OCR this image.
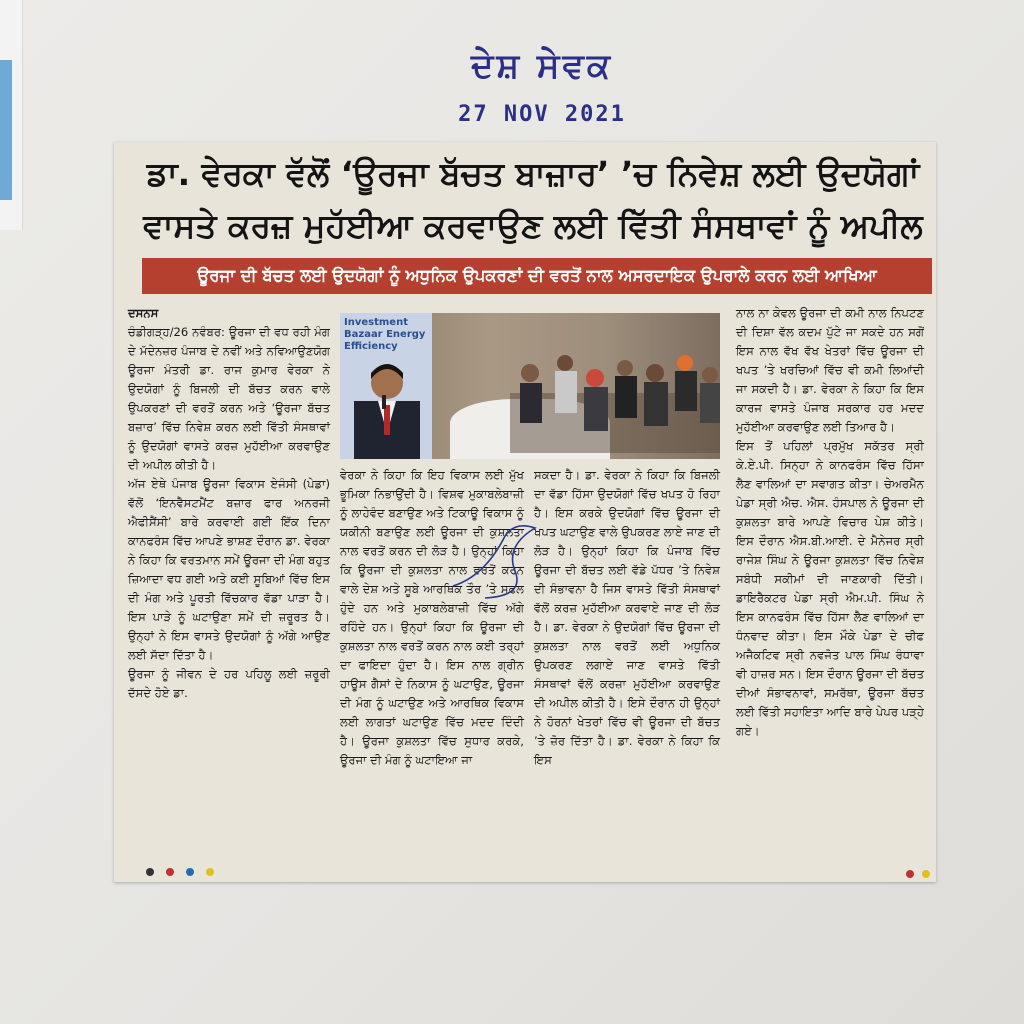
ਦੇਸ਼ ਸੇਵਕ
27 NOV 2021
ਡਾ. ਵੇਰਕਾ ਵੱਲੋਂ ‘ਊਰਜਾ ਬੱਚਤ ਬਾਜ਼ਾਰ’ ’ਚ ਨਿਵੇਸ਼ ਲਈ ਉਦਯੋਗਾਂ
ਵਾਸਤੇ ਕਰਜ਼ ਮੁਹੱਈਆ ਕਰਵਾਉਣ ਲਈ ਵਿੱਤੀ ਸੰਸਥਾਵਾਂ ਨੂੰ ਅਪੀਲ
ਊਰਜਾ ਦੀ ਬੱਚਤ ਲਈ ਉਦਯੋਗਾਂ ਨੂੰ ਅਧੁਨਿਕ ਉਪਕਰਣਾਂ ਦੀ ਵਰਤੋਂ ਨਾਲ ਅਸਰਦਾਇਕ ਉਪਰਾਲੇ ਕਰਨ ਲਈ ਆਖਿਆ

ਦਸਨਸ

ਚੰਡੀਗੜ੍ਹ/26 ਨਵੰਬਰ: ਊਰਜਾ ਦੀ ਵਧ ਰਹੀ ਮੰਗ ਦੇ ਮੱਦੇਨਜ਼ਰ ਪੰਜਾਬ ਦੇ ਨਵੀਂ ਅਤੇ ਨਵਿਆਉਣਯੋਗ ਊਰਜਾ ਮੰਤਰੀ ਡਾ. ਰਾਜ ਕੁਮਾਰ ਵੇਰਕਾ ਨੇ ਉਦਯੋਗਾਂ ਨੂੰ ਬਿਜਲੀ ਦੀ ਬੱਚਤ ਕਰਨ ਵਾਲੇ ਉਪਕਰਣਾਂ ਦੀ ਵਰਤੋਂ ਕਰਨ ਅਤੇ ‘ਊਰਜਾ ਬੱਚਤ ਬਜ਼ਾਰ’ ਵਿੱਚ ਨਿਵੇਸ਼ ਕਰਨ ਲਈ ਵਿੱਤੀ ਸੰਸਥਾਵਾਂ ਨੂੰ ਉਦਯੋਗਾਂ ਵਾਸਤੇ ਕਰਜ਼ ਮੁਹੱਈਆ ਕਰਵਾਉਣ ਦੀ ਅਪੀਲ ਕੀਤੀ ਹੈ।

ਅੱਜ ਏਥੇ ਪੰਜਾਬ ਊਰਜਾ ਵਿਕਾਸ ਏਜੰਸੀ (ਪੇਡਾ) ਵੱਲੋਂ ‘ਇਨਵੈਸਟਮੈਂਟ ਬਜ਼ਾਰ ਫਾਰ ਅਨਰਜੀ ਐਫੀਸੈਂਸੀ’ ਬਾਰੇ ਕਰਵਾਈ ਗਈ ਇੱਕ ਦਿਨਾ ਕਾਨਫਰੰਸ ਵਿੱਚ ਆਪਣੇ ਭਾਸ਼ਣ ਦੌਰਾਨ ਡਾ. ਵੇਰਕਾ ਨੇ ਕਿਹਾ ਕਿ ਵਰਤਮਾਨ ਸਮੇਂ ਊਰਜਾ ਦੀ ਮੰਗ ਬਹੁਤ ਜ਼ਿਆਦਾ ਵਧ ਗਈ ਅਤੇ ਕਈ ਸੂਬਿਆਂ ਵਿੱਚ ਇਸ ਦੀ ਮੰਗ ਅਤੇ ਪੂਰਤੀ ਵਿੱਚਕਾਰ ਵੱਡਾ ਪਾੜਾ ਹੈ। ਇਸ ਪਾੜੇ ਨੂੰ ਘਟਾਉਣਾ ਸਮੇਂ ਦੀ ਜ਼ਰੂਰਤ ਹੈ। ਉਨ੍ਹਾਂ ਨੇ ਇਸ ਵਾਸਤੇ ਉਦਯੋਗਾਂ ਨੂੰ ਅੱਗੇ ਆਉਣ ਲਈ ਸੱਦਾ ਦਿੱਤਾ ਹੈ।

ਊਰਜਾ ਨੂੰ ਜੀਵਨ ਦੇ ਹਰ ਪਹਿਲੂ ਲਈ ਜ਼ਰੂਰੀ ਦੱਸਦੇ ਹੋਏ ਡਾ.

Investment Bazaar Energy Efficiency

ਵੇਰਕਾ ਨੇ ਕਿਹਾ ਕਿ ਇਹ ਵਿਕਾਸ ਲਈ ਮੁੱਖ ਭੂਮਿਕਾ ਨਿਭਾਉਂਦੀ ਹੈ। ਵਿਸ਼ਵ ਮੁਕਾਬਲੇਬਾਜ਼ੀ ਨੂੰ ਲਾਹੇਵੰਦ ਬਣਾਉਣ ਅਤੇ ਟਿਕਾਊ ਵਿਕਾਸ ਨੂੰ ਯਕੀਨੀ ਬਣਾਉਣ ਲਈ ਊਰਜਾ ਦੀ ਕੁਸ਼ਲਤਾ ਨਾਲ ਵਰਤੋਂ ਕਰਨ ਦੀ ਲੋੜ ਹੈ। ਉਨ੍ਹਾਂ ਕਿਹਾ ਕਿ ਊਰਜਾ ਦੀ ਕੁਸ਼ਲਤਾ ਨਾਲ ਵਰਤੋਂ ਕਰਨ ਵਾਲੇ ਦੇਸ਼ ਅਤੇ ਸੂਬੇ ਆਰਥਿਕ ਤੌਰ ’ਤੇ ਸਫਲ ਹੁੰਦੇ ਹਨ ਅਤੇ ਮੁਕਾਬਲੇਬਾਜ਼ੀ ਵਿੱਚ ਅੱਗੇ ਰਹਿੰਦੇ ਹਨ। ਉਨ੍ਹਾਂ ਕਿਹਾ ਕਿ ਊਰਜਾ ਦੀ ਕੁਸ਼ਲਤਾ ਨਾਲ ਵਰਤੋਂ ਕਰਨ ਨਾਲ ਕਈ ਤਰ੍ਹਾਂ ਦਾ ਫਾਇਦਾ ਹੁੰਦਾ ਹੈ। ਇਸ ਨਾਲ ਗ੍ਰੀਨ ਹਾਊਸ ਗੈਸਾਂ ਦੇ ਨਿਕਾਸ ਨੂੰ ਘਟਾਉਣ, ਊਰਜਾ ਦੀ ਮੰਗ ਨੂੰ ਘਟਾਉਣ ਅਤੇ ਆਰਥਿਕ ਵਿਕਾਸ ਲਈ ਲਾਗਤਾਂ ਘਟਾਉਣ ਵਿੱਚ ਮਦਦ ਦਿੰਦੀ ਹੈ। ਊਰਜਾ ਕੁਸ਼ਲਤਾ ਵਿੱਚ ਸੁਧਾਰ ਕਰਕੇ, ਊਰਜਾ ਦੀ ਮੰਗ ਨੂੰ ਘਟਾਇਆ ਜਾ

ਸਕਦਾ ਹੈ। ਡਾ. ਵੇਰਕਾ ਨੇ ਕਿਹਾ ਕਿ ਬਿਜਲੀ ਦਾ ਵੱਡਾ ਹਿੱਸਾ ਉਦਯੋਗਾਂ ਵਿੱਚ ਖਪਤ ਹੋ ਰਿਹਾ ਹੈ। ਇਸ ਕਰਕੇ ਉਦਯੋਗਾਂ ਵਿੱਚ ਊਰਜਾ ਦੀ ਖਪਤ ਘਟਾਉਣ ਵਾਲੇ ਉਪਕਰਣ ਲਾਏ ਜਾਣ ਦੀ ਲੋੜ ਹੈ। ਉਨ੍ਹਾਂ ਕਿਹਾ ਕਿ ਪੰਜਾਬ ਵਿੱਚ ਊਰਜਾ ਦੀ ਬੱਚਤ ਲਈ ਵੱਡੇ ਪੱਧਰ ’ਤੇ ਨਿਵੇਸ਼ ਦੀ ਸੰਭਾਵਨਾ ਹੈ ਜਿਸ ਵਾਸਤੇ ਵਿੱਤੀ ਸੰਸਥਾਵਾਂ ਵੱਲੋਂ ਕਰਜ਼ ਮੁਹੱਈਆ ਕਰਵਾਏ ਜਾਣ ਦੀ ਲੋੜ ਹੈ। ਡਾ. ਵੇਰਕਾ ਨੇ ਉਦਯੋਗਾਂ ਵਿੱਚ ਊਰਜਾ ਦੀ ਕੁਸ਼ਲਤਾ ਨਾਲ ਵਰਤੋਂ ਲਈ ਅਧੁਨਿਕ ਉਪਕਰਣ ਲਗਾਏ ਜਾਣ ਵਾਸਤੇ ਵਿੱਤੀ ਸੰਸਥਾਵਾਂ ਵੱਲੋਂ ਕਰਜ਼ਾ ਮੁਹੱਈਆ ਕਰਵਾਉਣ ਦੀ ਅਪੀਲ ਕੀਤੀ ਹੈ। ਇਸੇ ਦੌਰਾਨ ਹੀ ਉਨ੍ਹਾਂ ਨੇ ਹੋਰਨਾਂ ਖੇਤਰਾਂ ਵਿੱਚ ਵੀ ਊਰਜਾ ਦੀ ਬੱਚਤ ’ਤੇ ਜ਼ੋਰ ਦਿੱਤਾ ਹੈ। ਡਾ. ਵੇਰਕਾ ਨੇ ਕਿਹਾ ਕਿ ਇਸ

ਨਾਲ ਨਾ ਕੇਵਲ ਊਰਜਾ ਦੀ ਕਮੀ ਨਾਲ ਨਿਪਟਣ ਦੀ ਦਿਸ਼ਾ ਵੱਲ ਕਦਮ ਪੁੱਟੇ ਜਾ ਸਕਦੇ ਹਨ ਸਗੋਂ ਇਸ ਨਾਲ ਵੱਖ ਵੱਖ ਖੇਤਰਾਂ ਵਿੱਚ ਊਰਜਾ ਦੀ ਖਪਤ ’ਤੇ ਖਰਚਿਆਂ ਵਿੱਚ ਵੀ ਕਮੀ ਲਿਆਂਦੀ ਜਾ ਸਕਦੀ ਹੈ। ਡਾ. ਵੇਰਕਾ ਨੇ ਕਿਹਾ ਕਿ ਇਸ ਕਾਰਜ ਵਾਸਤੇ ਪੰਜਾਬ ਸਰਕਾਰ ਹਰ ਮਦਦ ਮੁਹੱਈਆ ਕਰਵਾਉਣ ਲਈ ਤਿਆਰ ਹੈ।

ਇਸ ਤੋਂ ਪਹਿਲਾਂ ਪ੍ਰਮੁੱਖ ਸਕੱਤਰ ਸ੍ਰੀ ਕੇ.ਏ.ਪੀ. ਸਿਨ੍ਹਾ ਨੇ ਕਾਨਫਰੰਸ ਵਿੱਚ ਹਿੱਸਾ ਲੈਣ ਵਾਲਿਆਂ ਦਾ ਸਵਾਗਤ ਕੀਤਾ। ਚੇਅਰਮੈਨ ਪੇਡਾ ਸ੍ਰੀ ਐਚ. ਐਸ. ਹੰਸਪਾਲ ਨੇ ਊਰਜਾ ਦੀ ਕੁਸ਼ਲਤਾ ਬਾਰੇ ਆਪਣੇ ਵਿਚਾਰ ਪੇਸ਼ ਕੀਤੇ। ਇਸ ਦੌਰਾਨ ਐਸ.ਬੀ.ਆਈ. ਦੇ ਮੈਨੇਜਰ ਸ੍ਰੀ ਰਾਜੇਸ਼ ਸਿੰਘ ਨੇ ਊਰਜਾ ਕੁਸ਼ਲਤਾ ਵਿੱਚ ਨਿਵੇਸ਼ ਸਬੰਧੀ ਸਕੀਮਾਂ ਦੀ ਜਾਣਕਾਰੀ ਦਿੱਤੀ। ਡਾਇਰੈਕਟਰ ਪੇਡਾ ਸ੍ਰੀ ਐਮ.ਪੀ. ਸਿੰਘ ਨੇ ਇਸ ਕਾਨਫਰੰਸ ਵਿੱਚ ਹਿੱਸਾ ਲੈਣ ਵਾਲਿਆਂ ਦਾ ਧੰਨਵਾਦ ਕੀਤਾ। ਇਸ ਮੌਕੇ ਪੇਡਾ ਦੇ ਚੀਫ ਅਜੈਕਟਿਵ ਸ੍ਰੀ ਨਵਜੋਤ ਪਾਲ ਸਿੰਘ ਰੰਧਾਵਾ ਵੀ ਹਾਜ਼ਰ ਸਨ। ਇਸ ਦੌਰਾਨ ਊਰਜਾ ਦੀ ਬੱਚਤ ਦੀਆਂ ਸੰਭਾਵਨਾਵਾਂ, ਸਮਰੱਥਾ, ਊਰਜਾ ਬੱਚਤ ਲਈ ਵਿੱਤੀ ਸਹਾਇਤਾ ਆਦਿ ਬਾਰੇ ਪੇਪਰ ਪੜ੍ਹੇ ਗਏ।
